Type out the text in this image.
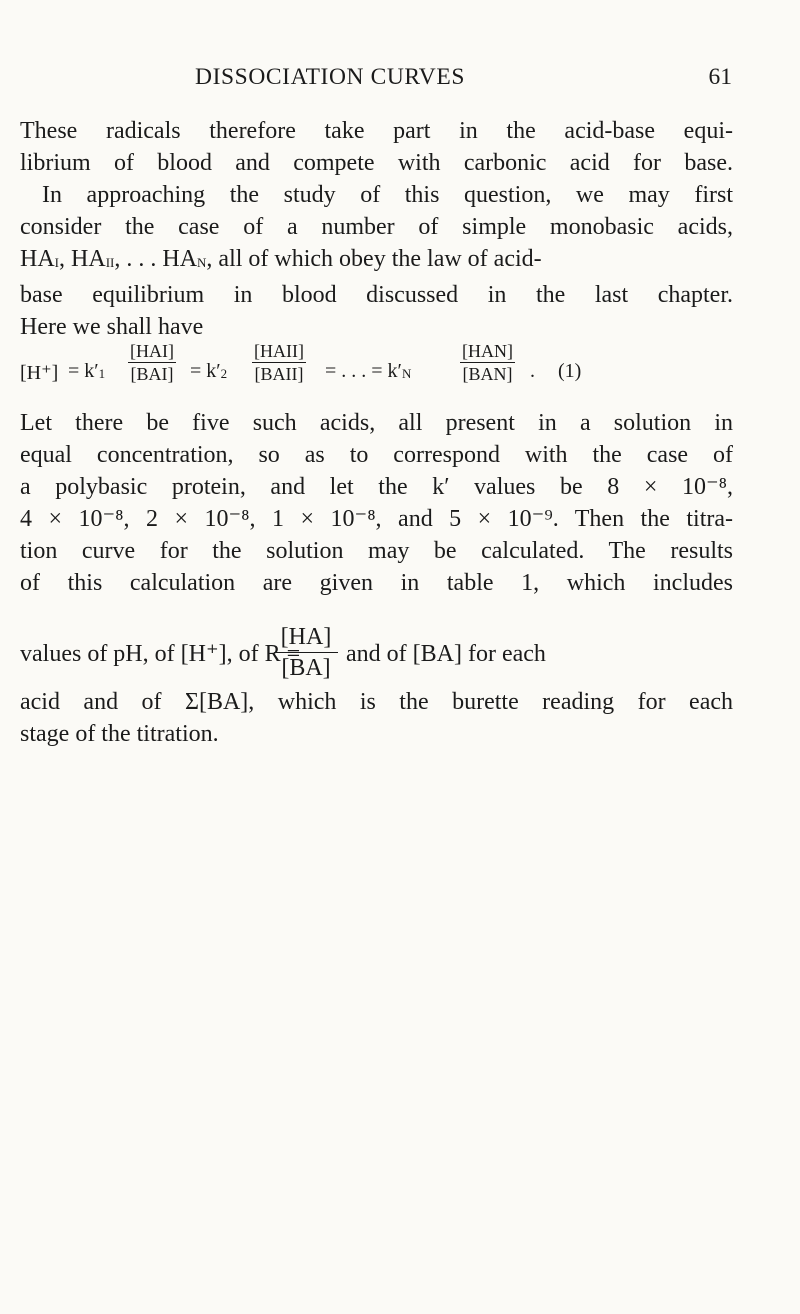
DISSOCIATION CURVES	61
These radicals therefore take part in the acid-base equi-
librium of blood and compete with carbonic acid for base.
In approaching the study of this question, we may first
consider the case of a number of simple monobasic acids,
HAI, HAII, . . . HAN, all of which obey the law of acid-
base equilibrium in blood discussed in the last chapter.
Here we shall have
[H⁺] = k′1
[HAI]
[BAI] = k′2
[HAII]
[BAII] = . . . = k′N
[HAN]
[BAN] . (1)
Let there be five such acids, all present in a solution in
equal concentration, so as to correspond with the case of
a polybasic protein, and let the k′ values be 8 × 10⁻⁸,
4 × 10⁻⁸, 2 × 10⁻⁸, 1 × 10⁻⁸, and 5 × 10⁻⁹. Then the titra-
tion curve for the solution may be calculated. The results
of this calculation are given in table 1, which includes
values of pH, of [H⁺], of R =
$\frac{[HA]}{[BA]}$ and of [BA] for each
acid and of Σ[BA], which is the burette reading for each
stage of the titration.
